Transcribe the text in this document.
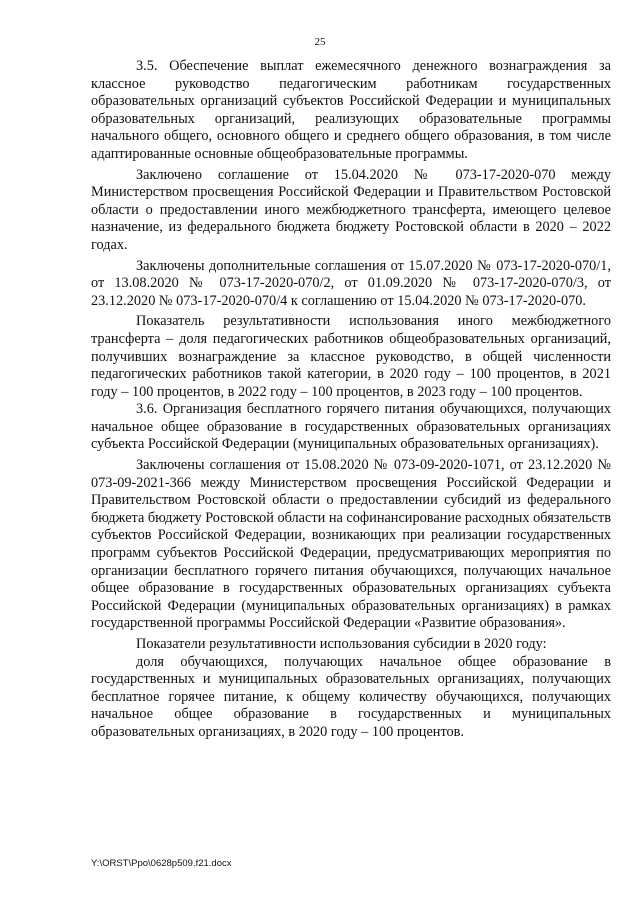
25

3.5. Обеспечение выплат ежемесячного денежного вознаграждения за классное руководство педагогическим работникам государственных образовательных организаций субъектов Российской Федерации и муниципальных образовательных организаций, реализующих образовательные программы начального общего, основного общего и среднего общего образования, в том числе адаптированные основные общеобразовательные программы.

Заключено соглашение от 15.04.2020 № 073-17-2020-070 между Министерством просвещения Российской Федерации и Правительством Ростовской области о предоставлении иного межбюджетного трансферта, имеющего целевое назначение, из федерального бюджета бюджету Ростовской области в 2020 – 2022 годах.

Заключены дополнительные соглашения от 15.07.2020 № 073-17-2020-070/1, от 13.08.2020 № 073-17-2020-070/2, от 01.09.2020 № 073-17-2020-070/3, от 23.12.2020 № 073-17-2020-070/4 к соглашению от 15.04.2020 № 073-17-2020-070.

Показатель результативности использования иного межбюджетного трансферта – доля педагогических работников общеобразовательных организаций, получивших вознаграждение за классное руководство, в общей численности педагогических работников такой категории, в 2020 году – 100 процентов, в 2021 году – 100 процентов, в 2022 году – 100 процентов, в 2023 году – 100 процентов.

3.6. Организация бесплатного горячего питания обучающихся, получающих начальное общее образование в государственных образовательных организациях субъекта Российской Федерации (муниципальных образовательных организациях).

Заключены соглашения от 15.08.2020 № 073-09-2020-1071, от 23.12.2020 № 073-09-2021-366 между Министерством просвещения Российской Федерации и Правительством Ростовской области о предоставлении субсидий из федерального бюджета бюджету Ростовской области на софинансирование расходных обязательств субъектов Российской Федерации, возникающих при реализации государственных программ субъектов Российской Федерации, предусматривающих мероприятия по организации бесплатного горячего питания обучающихся, получающих начальное общее образование в государственных образовательных организациях субъекта Российской Федерации (муниципальных образовательных организациях) в рамках государственной программы Российской Федерации «Развитие образования».

Показатели результативности использования субсидии в 2020 году:

доля обучающихся, получающих начальное общее образование в государственных и муниципальных образовательных организациях, получающих бесплатное горячее питание, к общему количеству обучающихся, получающих начальное общее образование в государственных и муниципальных образовательных организациях, в 2020 году – 100 процентов.

Y:\ORST\Ppo\0628p509.f21.docx
